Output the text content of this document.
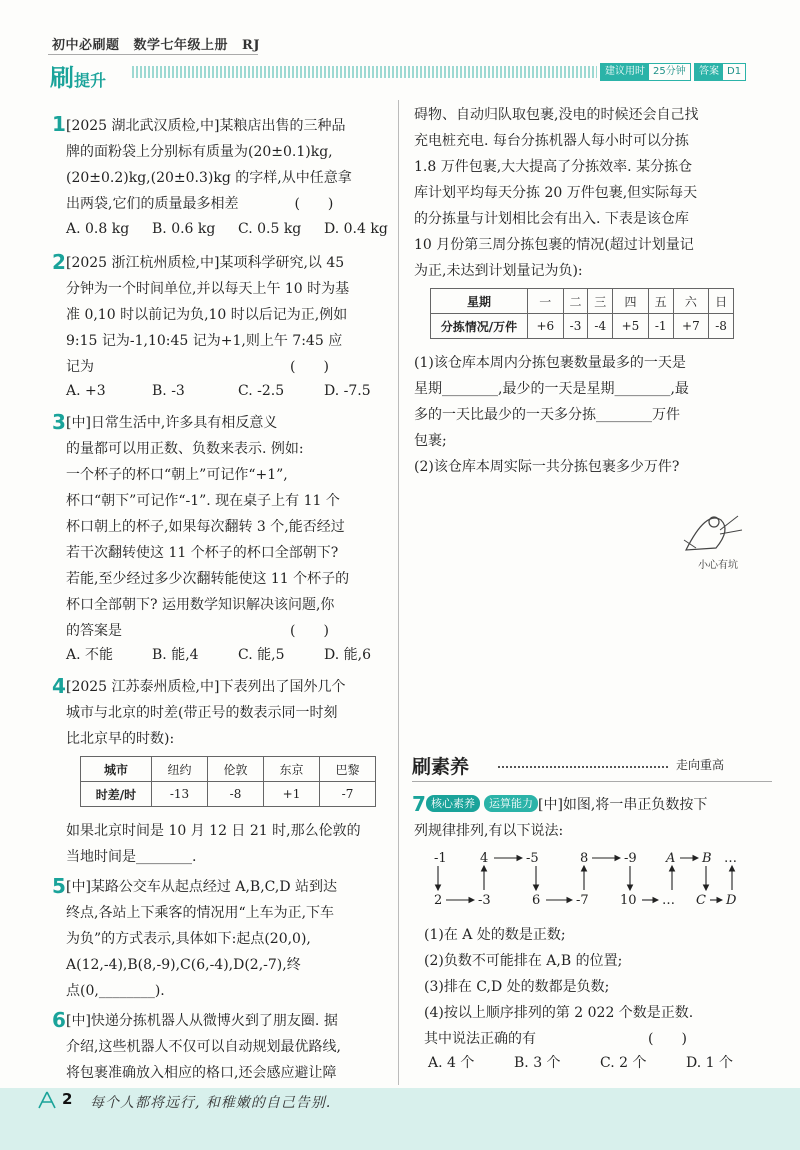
初中必刷题 数学七年级上册 RJ
刷提升	建议用时 25分钟	答案 D1
1 [2025 湖北武汉质检,中]某粮店出售的三种品
牌的面粉袋上分别标有质量为(20±0.1)kg,
(20±0.2)kg,(20±0.3)kg 的字样,从中任意拿
出两袋,它们的质量最多相差　　　　(　　)
A. 0.8 kg	B. 0.6 kg	C. 0.5 kg	D. 0.4 kg
2 [2025 浙江杭州质检,中]某项科学研究,以 45
分钟为一个时间单位,并以每天上午 10 时为基
准 0,10 时以前记为负,10 时以后记为正,例如
9:15 记为-1,10:45 记为+1,则上午 7:45 应
记为　　　　　　　　　　　　　　(　　)
A. +3	B. -3	C. -2.5	D. -7.5
3 [中]日常生活中,许多具有相反意义
的量都可以用正数、负数来表示. 例如:
一个杯子的杯口“朝上”可记作“+1”,
杯口“朝下”可记作“-1”. 现在桌子上有 11 个
杯口朝上的杯子,如果每次翻转 3 个,能否经过
若干次翻转使这 11 个杯子的杯口全部朝下?
若能,至少经过多少次翻转能使这 11 个杯子的
杯口全部朝下? 运用数学知识解决该问题,你
的答案是　　　　　　　　　　　　(　　)
A. 不能	B. 能,4	C. 能,5	D. 能,6
4 [2025 江苏泰州质检,中]下表列出了国外几个
城市与北京的时差(带正号的数表示同一时刻
比北京早的时数):
城市	纽约	伦敦	东京	巴黎
时差/时	-13	-8	+1	-7
如果北京时间是 10 月 12 日 21 时,那么伦敦的
当地时间是________.
5 [中]某路公交车从起点经过 A,B,C,D 站到达
终点,各站上下乘客的情况用“上车为正,下车
为负”的方式表示,具体如下:起点(20,0),
A(12,-4),B(8,-9),C(6,-4),D(2,-7),终
点(0,________).
6 [中]快递分拣机器人从微博火到了朋友圈. 据
介绍,这些机器人不仅可以自动规划最优路线,
将包裹准确放入相应的格口,还会感应避让障
碍物、自动归队取包裹,没电的时候还会自己找
充电桩充电. 每台分拣机器人每小时可以分拣
1.8 万件包裹,大大提高了分拣效率. 某分拣仓
库计划平均每天分拣 20 万件包裹,但实际每天
的分拣量与计划相比会有出入. 下表是该仓库
10 月份第三周分拣包裹的情况(超过计划量记
为正,未达到计划量记为负):
星期	一	二	三	四	五	六	日
分拣情况/万件	+6	-3	-4	+5	-1	+7	-8
(1)该仓库本周内分拣包裹数量最多的一天是
星期________,最少的一天是星期________,最
多的一天比最少的一天多分拣________万件
包裹;
(2)该仓库本周实际一共分拣包裹多少万件?
小心有坑
刷素养	走向重高
7 核心素养	运算能力 [中]如图,将一串正负数按下
列规律排列,有以下说法:
-1	4	-5	8	-9 A B …
2	-3	6	-7 10 … C D
(1)在 A 处的数是正数;
(2)负数不可能排在 A,B 的位置;
(3)排在 C,D 处的数都是负数;
(4)按以上顺序排列的第 2 022 个数是正数.
其中说法正确的有　　　　　　　　(　　)
A. 4 个	B. 3 个	C. 2 个	D. 1 个
2 每个人都将远行, 和稚嫩的自己告别.
